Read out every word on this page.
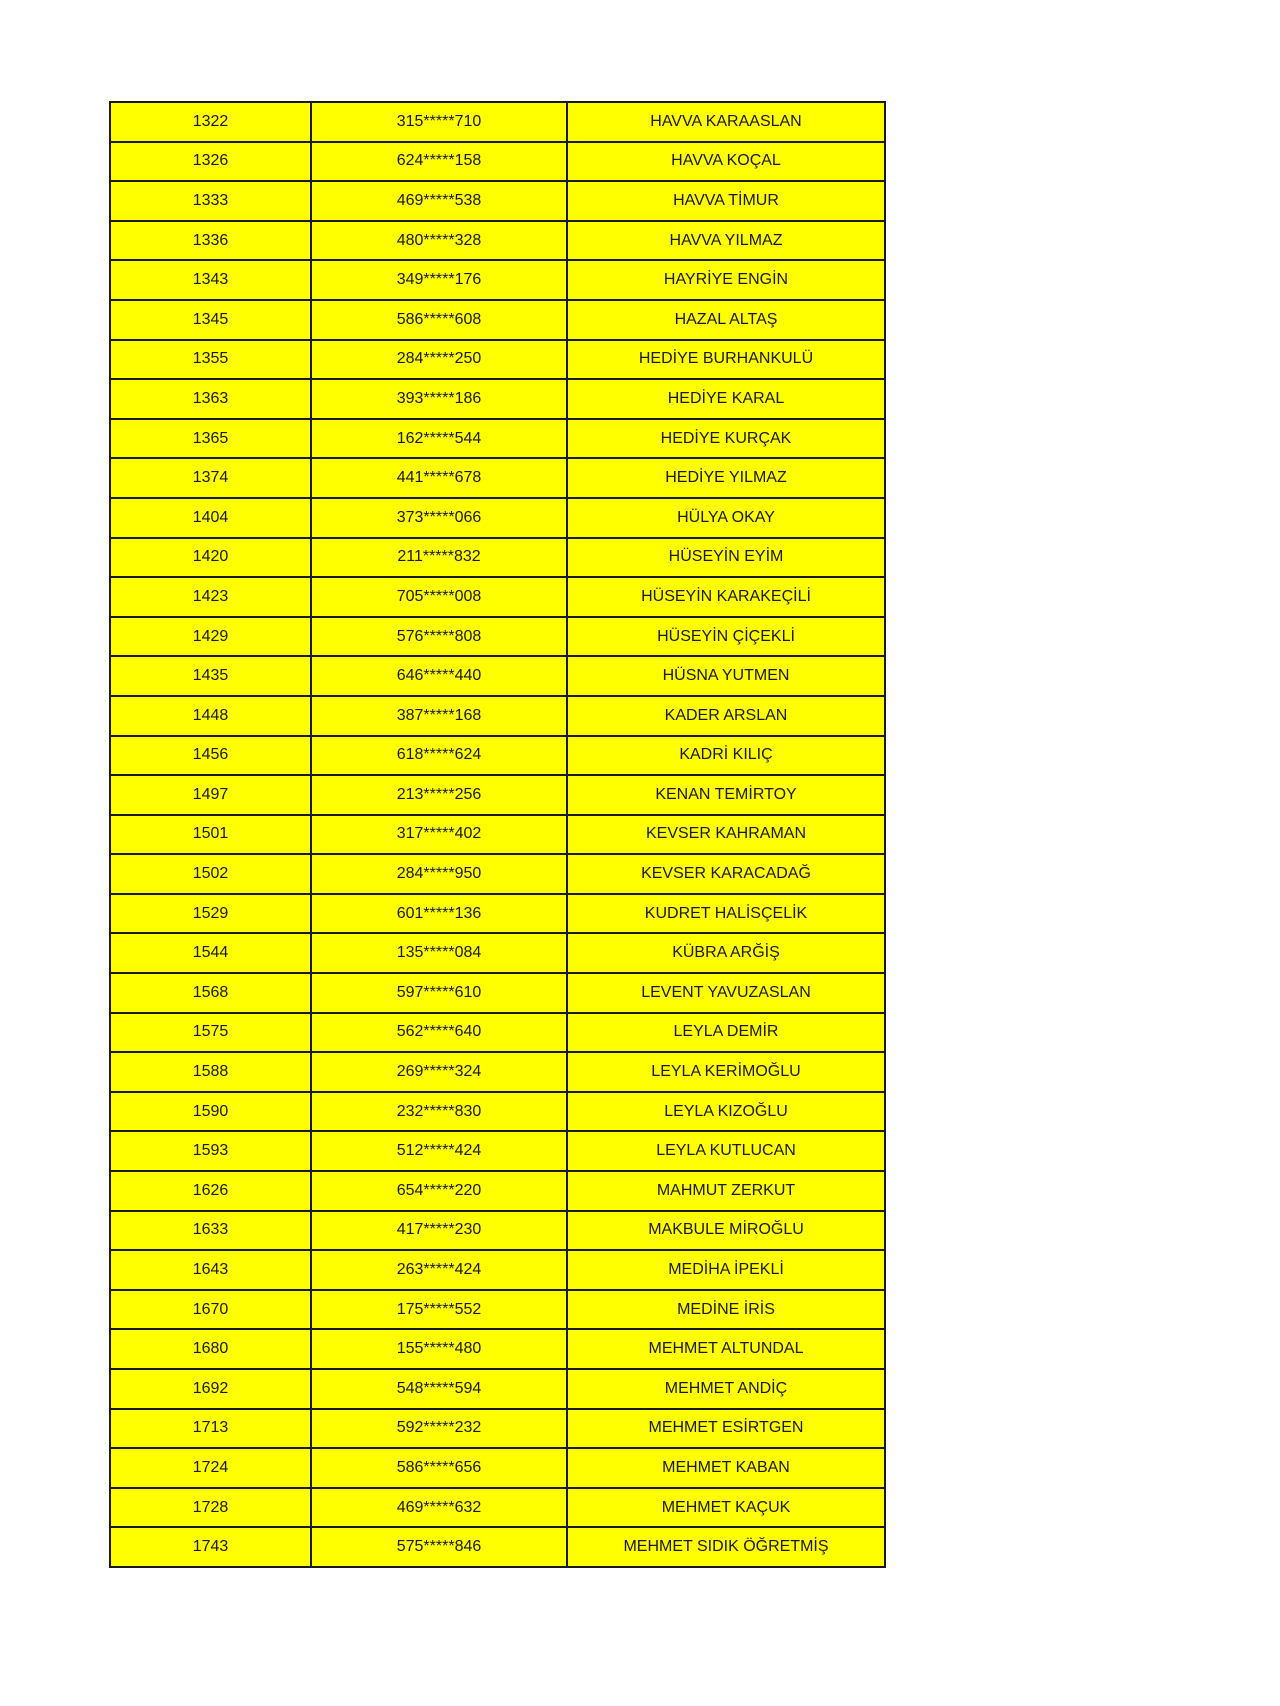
1322	315*****710	HAVVA KARAASLAN
1326	624*****158	HAVVA KOÇAL
1333	469*****538	HAVVA TİMUR
1336	480*****328	HAVVA YILMAZ
1343	349*****176	HAYRİYE ENGİN
1345	586*****608	HAZAL ALTAŞ
1355	284*****250	HEDİYE BURHANKULÜ
1363	393*****186	HEDİYE KARAL
1365	162*****544	HEDİYE KURÇAK
1374	441*****678	HEDİYE YILMAZ
1404	373*****066	HÜLYA OKAY
1420	211*****832	HÜSEYİN EYİM
1423	705*****008	HÜSEYİN KARAKEÇİLİ
1429	576*****808	HÜSEYİN ÇİÇEKLİ
1435	646*****440	HÜSNA YUTMEN
1448	387*****168	KADER ARSLAN
1456	618*****624	KADRİ KILIÇ
1497	213*****256	KENAN TEMİRTOY
1501	317*****402	KEVSER KAHRAMAN
1502	284*****950	KEVSER KARACADAĞ
1529	601*****136	KUDRET HALİSÇELİK
1544	135*****084	KÜBRA ARĞİŞ
1568	597*****610	LEVENT YAVUZASLAN
1575	562*****640	LEYLA DEMİR
1588	269*****324	LEYLA KERİMOĞLU
1590	232*****830	LEYLA KIZOĞLU
1593	512*****424	LEYLA KUTLUCAN
1626	654*****220	MAHMUT ZERKUT
1633	417*****230	MAKBULE MİROĞLU
1643	263*****424	MEDİHA İPEKLİ
1670	175*****552	MEDİNE İRİS
1680	155*****480	MEHMET ALTUNDAL
1692	548*****594	MEHMET ANDİÇ
1713	592*****232	MEHMET ESİRTGEN
1724	586*****656	MEHMET KABAN
1728	469*****632	MEHMET KAÇUK
1743	575*****846	MEHMET SIDIK ÖĞRETMİŞ
